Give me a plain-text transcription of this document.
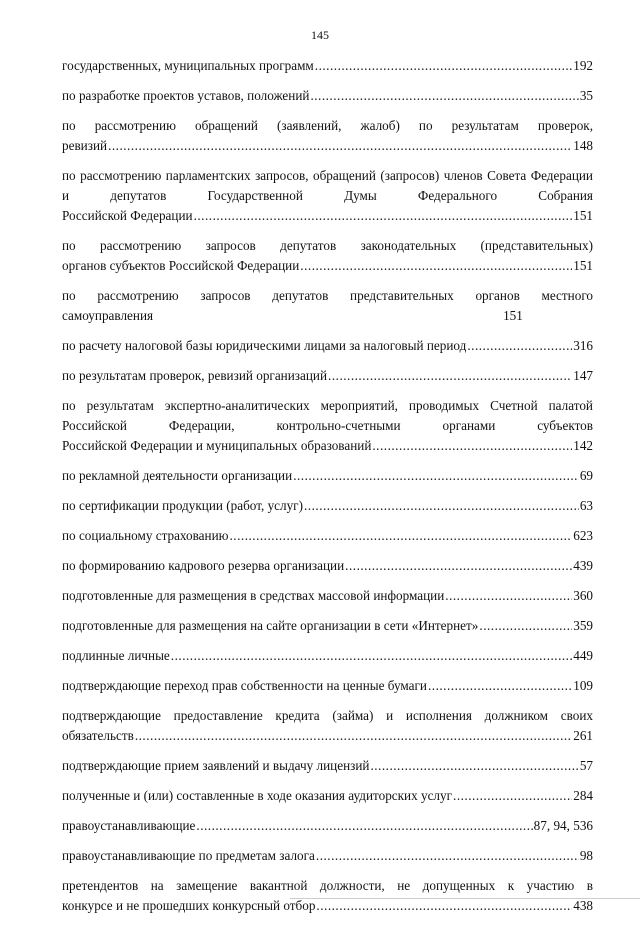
145
государственных, муниципальных программ .....	192
по разработке проектов уставов, положений .....	35
по рассмотрению обращений (заявлений, жалоб) по результатам проверок,
ревизий .....	148
по рассмотрению парламентских запросов, обращений (запросов) членов Совета Федерации и депутатов Государственной Думы Федерального Собрания
Российской Федерации .....	151
по рассмотрению запросов депутатов законодательных (представительных)
органов субъектов Российской Федерации .....	151
по рассмотрению запросов депутатов представительных органов местного
самоуправления	151
по расчету налоговой базы юридическими лицами за налоговый период .....	316
по результатам проверок, ревизий организаций .....	147
по результатам экспертно-аналитических мероприятий, проводимых Счетной палатой Российской Федерации, контрольно-счетными органами субъектов
Российской Федерации и муниципальных образований .....	142
по рекламной деятельности организации .....	69
по сертификации продукции (работ, услуг) .....	63
по социальному страхованию .....	623
по формированию кадрового резерва организации .....	439
подготовленные для размещения в средствах массовой информации .....	360
подготовленные для размещения на сайте организации в сети «Интернет» .....	359
подлинные личные .....	449
подтверждающие переход прав собственности на ценные бумаги .....	109
подтверждающие предоставление кредита (займа) и исполнения должником своих
обязательств .....	261
подтверждающие прием заявлений и выдачу лицензий .....	57
полученные и (или) составленные в ходе оказания аудиторских услуг .....	284
правоустанавливающие .....	87, 94, 536
правоустанавливающие по предметам залога .....	98
претендентов на замещение вакантной должности, не допущенных к участию в
конкурсе и не прошедших конкурсный отбор .....	438
